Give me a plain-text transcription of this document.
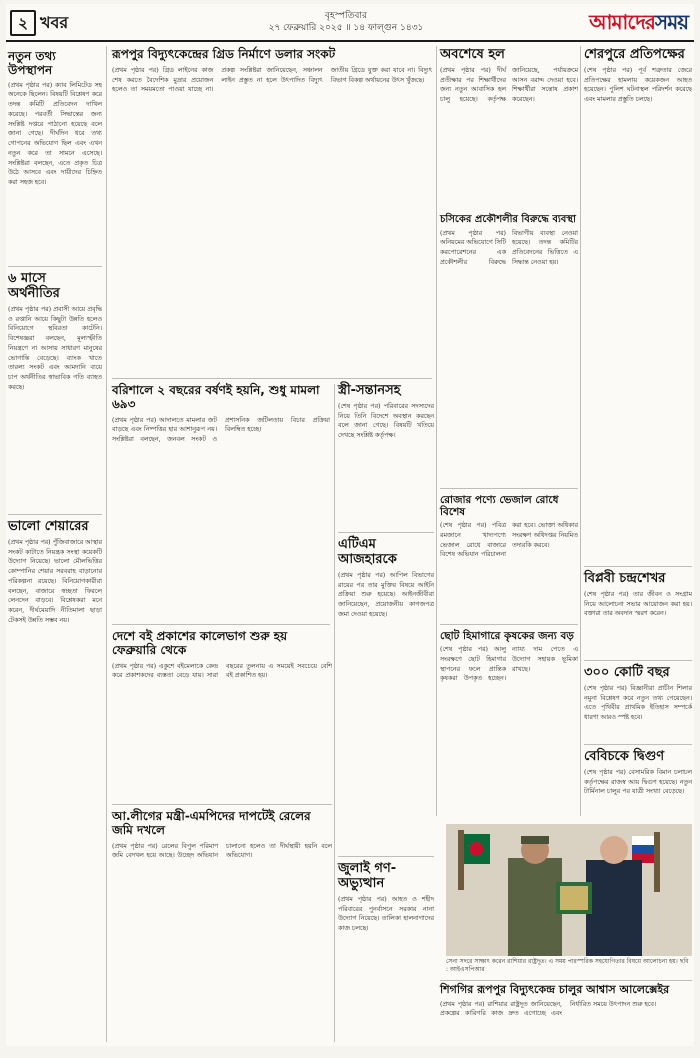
২ খবর	বৃহস্পতিবার
২৭ ফেব্রুয়ারি ২০২৫ ॥ ১৪ ফাল্গুন ১৪৩১	আমাদেরসময়
নতুন তথ্য উপস্থাপন
(প্রথম পৃষ্ঠার পর) ক্যাব লিমিটেড সহ অনেকে ছিলেন। বিষয়টি বিশ্লেষণ করে তদন্ত কমিটি প্রতিবেদন দাখিল করেছে। পরবর্তী সিদ্ধান্তের জন্য সংশ্লিষ্ট দপ্তরে পাঠানো হয়েছে বলে জানা গেছে। দীর্ঘদিন ধরে তথ্য গোপনের অভিযোগ ছিল এবং এখন নতুন করে তা সামনে এসেছে। সংশ্লিষ্টরা বলছেন, এতে প্রকৃত চিত্র উঠে আসবে এবং দায়ীদের চিহ্নিত করা সহজ হবে।
৬ মাসে অর্থনীতির
(প্রথম পৃষ্ঠার পর) প্রবাসী আয়ে প্রবৃদ্ধি ও রপ্তানি আয়ে কিছুটা উন্নতি হলেও বিনিয়োগে স্থবিরতা কাটেনি। বিশেষজ্ঞরা বলছেন, মূল্যস্ফীতি নিয়ন্ত্রণে না আসায় সাধারণ মানুষের ভোগান্তি বেড়েছে। ব্যাংক খাতে তারল্য সংকট এবং আমদানি ব্যয়ে চাপ অর্থনীতির স্বাভাবিক গতি ব্যাহত করছে।
ভালো শেয়ারের
(প্রথম পৃষ্ঠার পর) পুঁজিবাজারে আস্থার সংকট কাটাতে নিয়ন্ত্রক সংস্থা কয়েকটি উদ্যোগ নিয়েছে। ভালো মৌলভিত্তির কোম্পানির শেয়ার সরবরাহ বাড়ানোর পরিকল্পনা রয়েছে। বিনিয়োগকারীরা বলছেন, বাজারে স্বচ্ছতা ফিরলে লেনদেন বাড়বে। বিশ্লেষকরা মনে করেন, দীর্ঘমেয়াদি নীতিমালা ছাড়া টেকসই উন্নতি সম্ভব নয়।
রূপপুর বিদ্যুৎকেন্দ্রের গ্রিড নির্মাণে ডলার সংকট
(প্রথম পৃষ্ঠার পর) গ্রিড লাইনের কাজ শেষ করতে বৈদেশিক মুদ্রার প্রয়োজন হলেও তা সময়মতো পাওয়া যাচ্ছে না। প্রকল্প সংশ্লিষ্টরা জানিয়েছেন, সঞ্চালন লাইন প্রস্তুত না হলে উৎপাদিত বিদ্যুৎ জাতীয় গ্রিডে যুক্ত করা যাবে না। বিদ্যুৎ বিভাগ বিকল্প অর্থায়নের উৎস খুঁজছে।
বরিশালে ২ বছরের বর্ষণই হয়নি, শুধু মামলা ৬৯৩
(প্রথম পৃষ্ঠার পর) আদালতে মামলার জট বাড়ছে এবং নিষ্পত্তির হার আশানুরূপ নয়। সংশ্লিষ্টরা বলছেন, জনবল সংকট ও প্রশাসনিক জটিলতায় বিচার প্রক্রিয়া বিলম্বিত হচ্ছে।
দেশে বই প্রকাশের কালেভাগ শুরু হয় ফেব্রুয়ারি থেকে
(প্রথম পৃষ্ঠার পর) একুশে বইমেলাকে কেন্দ্র করে প্রকাশকদের ব্যস্ততা বেড়ে যায়। সারা বছরের তুলনায় এ সময়েই সবচেয়ে বেশি বই প্রকাশিত হয়।
আ.লীগের মন্ত্রী-এমপিদের দাপটেই রেলের জমি দখলে
(প্রথম পৃষ্ঠার পর) রেলের বিপুল পরিমাণ জমি বেদখল হয়ে আছে। উচ্ছেদ অভিযান চালানো হলেও তা দীর্ঘস্থায়ী হয়নি বলে অভিযোগ।
স্ত্রী-সন্তানসহ
(শেষ পৃষ্ঠার পর) পরিবারের সদস্যদের নিয়ে তিনি বিদেশে অবস্থান করছেন বলে জানা গেছে। বিষয়টি খতিয়ে দেখছে সংশ্লিষ্ট কর্তৃপক্ষ।
এটিএম আজহারকে
(প্রথম পৃষ্ঠার পর) আপিল বিভাগের রায়ের পর তার মুক্তির বিষয়ে আইনি প্রক্রিয়া শুরু হয়েছে। আইনজীবীরা জানিয়েছেন, প্রয়োজনীয় কাগজপত্র জমা দেওয়া হয়েছে।
জুলাই গণ-অভ্যুত্থান
(প্রথম পৃষ্ঠার পর) আহত ও শহীদ পরিবারের পুনর্বাসনে সরকার নানা উদ্যোগ নিয়েছে। তালিকা হালনাগাদের কাজ চলছে।
অবশেষে হল
(প্রথম পৃষ্ঠার পর) দীর্ঘ প্রতীক্ষার পর শিক্ষার্থীদের জন্য নতুন আবাসিক হল চালু হয়েছে। কর্তৃপক্ষ জানিয়েছে, পর্যায়ক্রমে আসন বরাদ্দ দেওয়া হবে। শিক্ষার্থীরা সন্তোষ প্রকাশ করেছেন।
চসিকের প্রকৌশলীর বিরুদ্ধে ব্যবস্থা
(প্রথম পৃষ্ঠার পর) অনিয়মের অভিযোগে সিটি করপোরেশনের এক প্রকৌশলীর বিরুদ্ধে বিভাগীয় ব্যবস্থা নেওয়া হয়েছে। তদন্ত কমিটির প্রতিবেদনের ভিত্তিতে এ সিদ্ধান্ত নেওয়া হয়।
রোজার পণ্যে ভেজাল রোধে বিশেষ
(শেষ পৃষ্ঠার পর) পবিত্র রমজানে খাদ্যপণ্যে ভেজাল রোধে বাজারে বিশেষ অভিযান পরিচালনা করা হবে। ভোক্তা অধিকার সংরক্ষণ অধিদপ্তর নিয়মিত তদারকি করবে।
ছোট হিমাগারে কৃষকের জন্য বড়
(শেষ পৃষ্ঠার পর) আলু সংরক্ষণে ছোট হিমাগার স্থাপনের ফলে প্রান্তিক কৃষকরা উপকৃত হচ্ছেন। ন্যায্য দাম পেতে এ উদ্যোগ সহায়ক ভূমিকা রাখছে।
শেরপুরে প্রতিপক্ষের
(শেষ পৃষ্ঠার পর) পূর্ব শত্রুতার জেরে প্রতিপক্ষের হামলায় কয়েকজন আহত হয়েছেন। পুলিশ ঘটনাস্থল পরিদর্শন করেছে এবং মামলার প্রস্তুতি চলছে।
বিপ্লবী চন্দ্রশেখর
(শেষ পৃষ্ঠার পর) তার জীবন ও সংগ্রাম নিয়ে আলোচনা সভার আয়োজন করা হয়। বক্তারা তার অবদান স্মরণ করেন।
৩০০ কোটি বছর
(শেষ পৃষ্ঠার পর) বিজ্ঞানীরা প্রাচীন শিলার নমুনা বিশ্লেষণ করে নতুন তথ্য পেয়েছেন। এতে পৃথিবীর প্রাথমিক ইতিহাস সম্পর্কে ধারণা আরও স্পষ্ট হবে।
বেবিচকে দ্বিগুণ
(শেষ পৃষ্ঠার পর) বেসামরিক বিমান চলাচল কর্তৃপক্ষের রাজস্ব আয় দ্বিগুণ হয়েছে। নতুন টার্মিনাল চালুর পর যাত্রী সংখ্যা বেড়েছে।
সেনা সদরে সাক্ষাৎ করেন রাশিয়ার রাষ্ট্রদূত। এ সময় পারস্পরিক সহযোগিতার বিষয়ে আলোচনা হয়। ছবি : আইএসপিআর
শিগগির রূপপুর বিদ্যুৎকেন্দ্র চালুর আশ্বাস আলেক্সেইর
(প্রথম পৃষ্ঠার পর) রাশিয়ার রাষ্ট্রদূত জানিয়েছেন, প্রকল্পের কারিগরি কাজ দ্রুত এগোচ্ছে এবং নির্ধারিত সময়ে উৎপাদন শুরু হবে।
